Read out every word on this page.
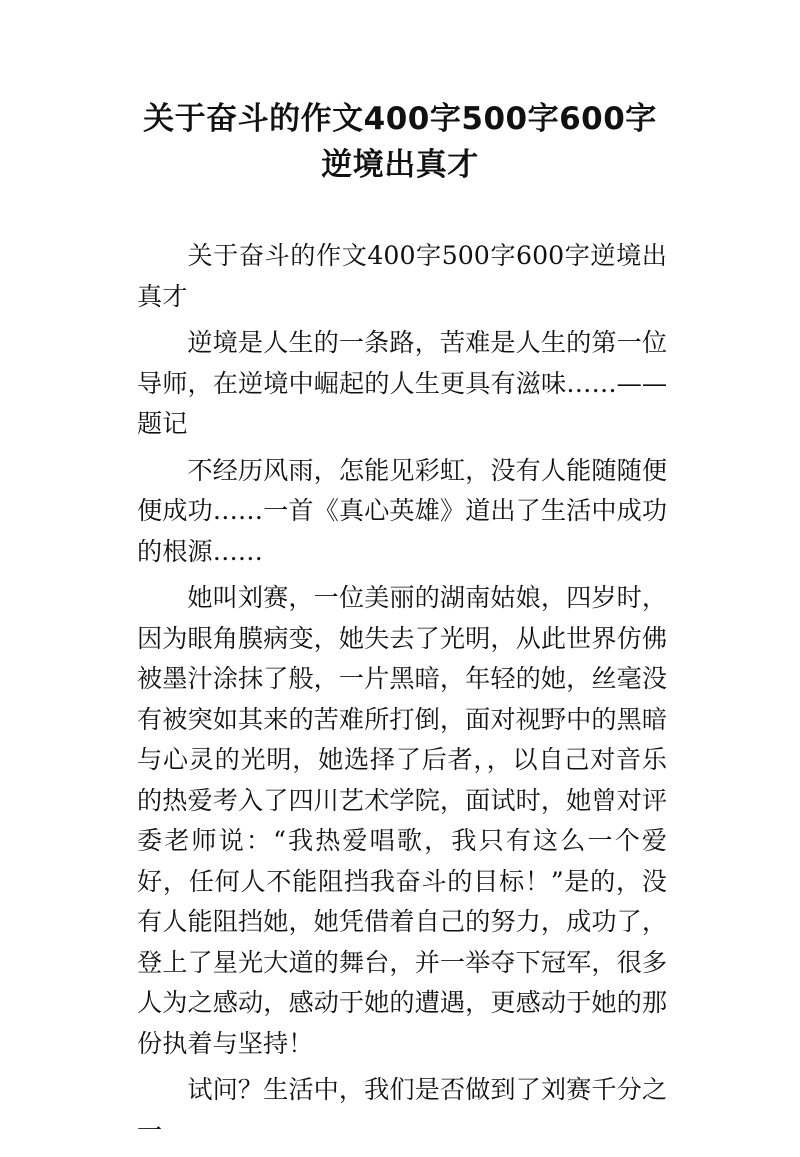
关于奋斗的作文400字500字600字
逆境出真才

关于奋斗的作文400字500字600字逆境出真才

逆境是人生的一条路，苦难是人生的第一位导师，在逆境中崛起的人生更具有滋味……——题记

不经历风雨，怎能见彩虹，没有人能随随便便成功……一首《真心英雄》道出了生活中成功的根源……

她叫刘赛，一位美丽的湖南姑娘，四岁时，因为眼角膜病变，她失去了光明，从此世界仿佛被墨汁涂抹了般，一片黑暗，年轻的她，丝毫没有被突如其来的苦难所打倒，面对视野中的黑暗与心灵的光明，她选择了后者，，以自己对音乐的热爱考入了四川艺术学院，面试时，她曾对评委老师说：“我热爱唱歌，我只有这么一个爱好，任何人不能阻挡我奋斗的目标！”是的，没有人能阻挡她，她凭借着自己的努力，成功了，登上了星光大道的舞台，并一举夺下冠军，很多人为之感动，感动于她的遭遇，更感动于她的那份执着与坚持！

试问？生活中，我们是否做到了刘赛千分之一
